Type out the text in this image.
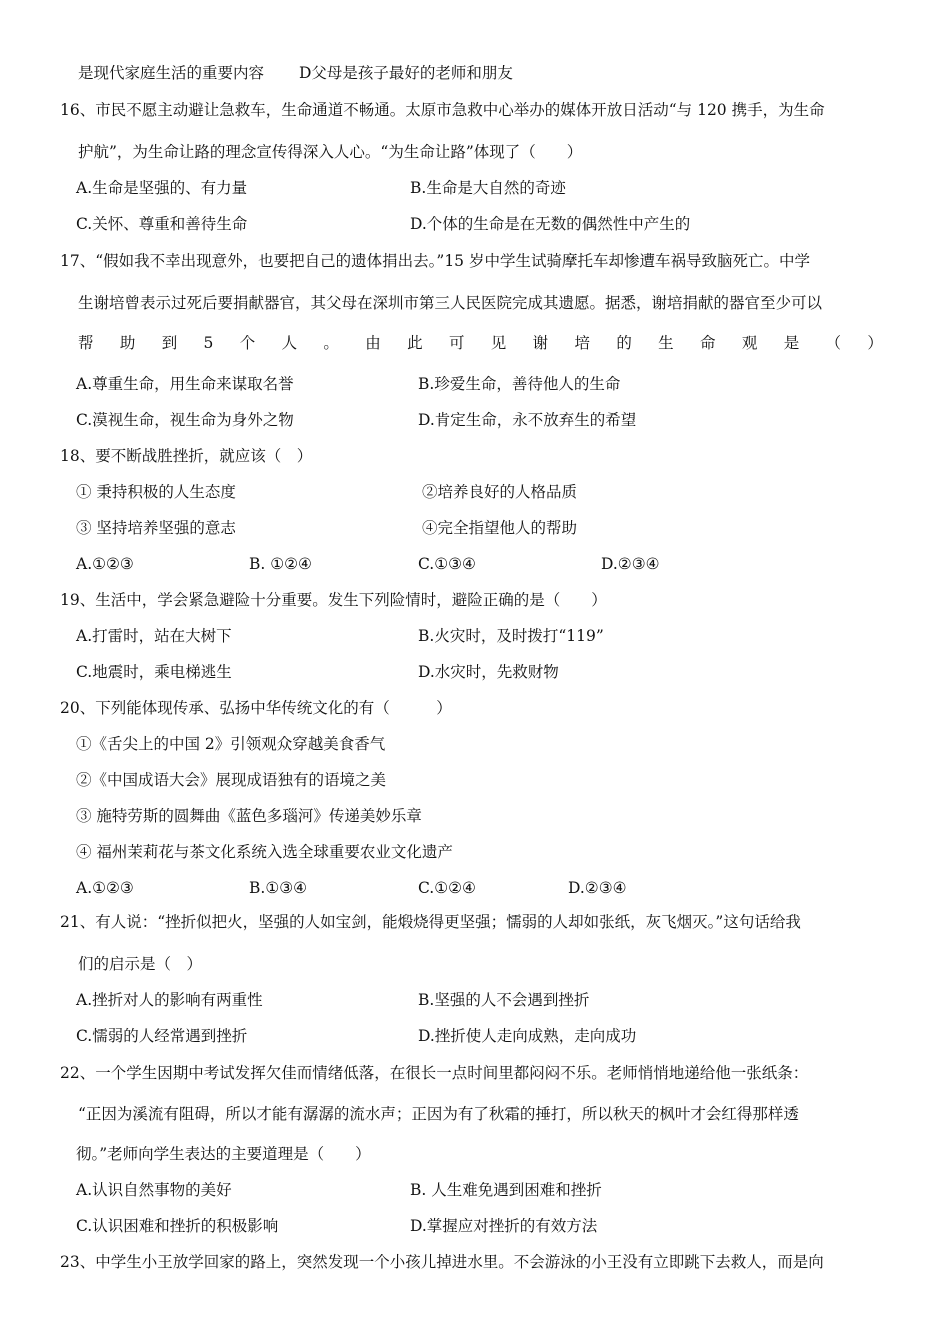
是现代家庭生活的重要内容 D父母是孩子最好的老师和朋友
16、市民不愿主动避让急救车，生命通道不畅通。太原市急救中心举办的媒体开放日活动“与 120 携手，为生命
护航”，为生命让路的理念宣传得深入人心。“为生命让路”体现了（　　）
A.生命是坚强的、有力量	B.生命是大自然的奇迹
C.关怀、尊重和善待生命	D.个体的生命是在无数的偶然性中产生的
17、“假如我不幸出现意外，也要把自己的遗体捐出去。”15 岁中学生试骑摩托车却惨遭车祸导致脑死亡。中学
生谢培曾表示过死后要捐献器官，其父母在深圳市第三人民医院完成其遗愿。据悉，谢培捐献的器官至少可以
帮 助 到 5 个 人 。 由 此 可 见 谢 培 的 生 命 观 是 （ ）
A.尊重生命，用生命来谋取名誉	B.珍爱生命，善待他人的生命
C.漠视生命，视生命为身外之物	D.肯定生命，永不放弃生的希望
18、要不断战胜挫折，就应该（　）
① 秉持积极的人生态度	②培养良好的人格品质
③ 坚持培养坚强的意志	④完全指望他人的帮助
A.①②③	B. ①②④	C.①③④	D.②③④
19、生活中，学会紧急避险十分重要。发生下列险情时，避险正确的是（　　）
A.打雷时，站在大树下	B.火灾时，及时拨打“119”
C.地震时，乘电梯逃生	D.水灾时，先救财物
20、下列能体现传承、弘扬中华传统文化的有（　　　）
①《舌尖上的中国 2》引领观众穿越美食香气
②《中国成语大会》展现成语独有的语境之美
③ 施特劳斯的圆舞曲《蓝色多瑙河》传递美妙乐章
④ 福州茉莉花与茶文化系统入选全球重要农业文化遗产
A.①②③	B.①③④	C.①②④	D.②③④
21、有人说：“挫折似把火，坚强的人如宝剑，能煅烧得更坚强；懦弱的人却如张纸，灰飞烟灭。”这句话给我
们的启示是（　）
A.挫折对人的影响有两重性	B.坚强的人不会遇到挫折
C.懦弱的人经常遇到挫折	D.挫折使人走向成熟，走向成功
22、一个学生因期中考试发挥欠佳而情绪低落，在很长一点时间里都闷闷不乐。老师悄悄地递给他一张纸条：
“正因为溪流有阻碍，所以才能有潺潺的流水声；正因为有了秋霜的捶打，所以秋天的枫叶才会红得那样透
彻。”老师向学生表达的主要道理是（　　）
A.认识自然事物的美好	B. 人生难免遇到困难和挫折
C.认识困难和挫折的积极影响	D.掌握应对挫折的有效方法
23、中学生小王放学回家的路上，突然发现一个小孩儿掉进水里。不会游泳的小王没有立即跳下去救人，而是向
